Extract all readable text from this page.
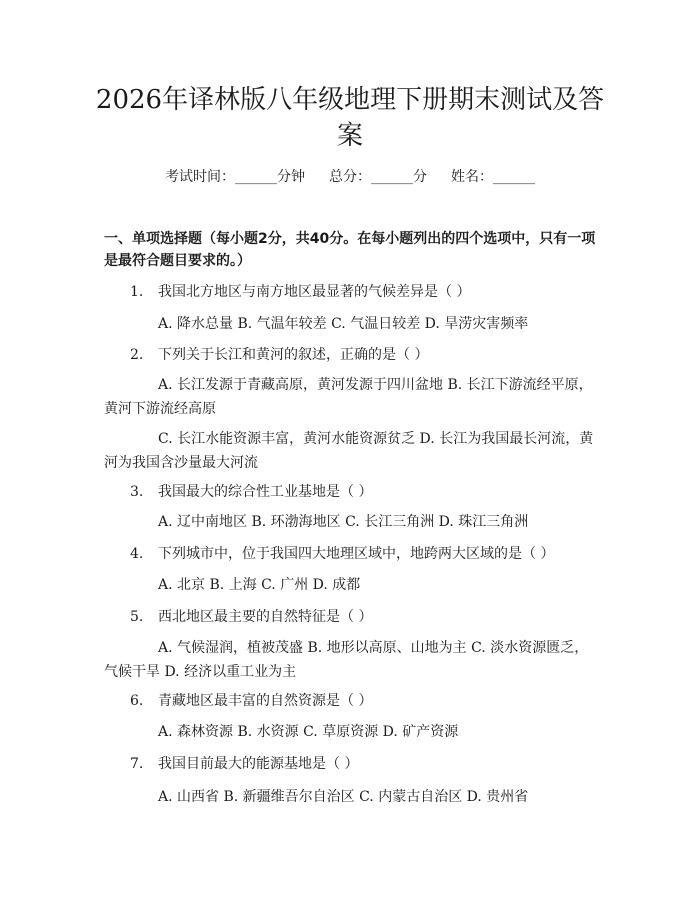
2026年译林版八年级地理下册期末测试及答案
考试时间：______分钟 总分：______分 姓名：______
一、单项选择题（每小题2分，共40分。在每小题列出的四个选项中，只有一项是最符合题目要求的。）
1. 我国北方地区与南方地区最显著的气候差异是（ ）
A. 降水总量 B. 气温年较差 C. 气温日较差 D. 旱涝灾害频率
2. 下列关于长江和黄河的叙述，正确的是（ ）
A. 长江发源于青藏高原，黄河发源于四川盆地 B. 长江下游流经平原，黄河下游流经高原
C. 长江水能资源丰富，黄河水能资源贫乏 D. 长江为我国最长河流，黄河为我国含沙量最大河流
3. 我国最大的综合性工业基地是（ ）
A. 辽中南地区 B. 环渤海地区 C. 长江三角洲 D. 珠江三角洲
4. 下列城市中，位于我国四大地理区域中，地跨两大区域的是（ ）
A. 北京 B. 上海 C. 广州 D. 成都
5. 西北地区最主要的自然特征是（ ）
A. 气候湿润，植被茂盛 B. 地形以高原、山地为主 C. 淡水资源匮乏，气候干旱 D. 经济以重工业为主
6. 青藏地区最丰富的自然资源是（ ）
A. 森林资源 B. 水资源 C. 草原资源 D. 矿产资源
7. 我国目前最大的能源基地是（ ）
A. 山西省 B. 新疆维吾尔自治区 C. 内蒙古自治区 D. 贵州省
